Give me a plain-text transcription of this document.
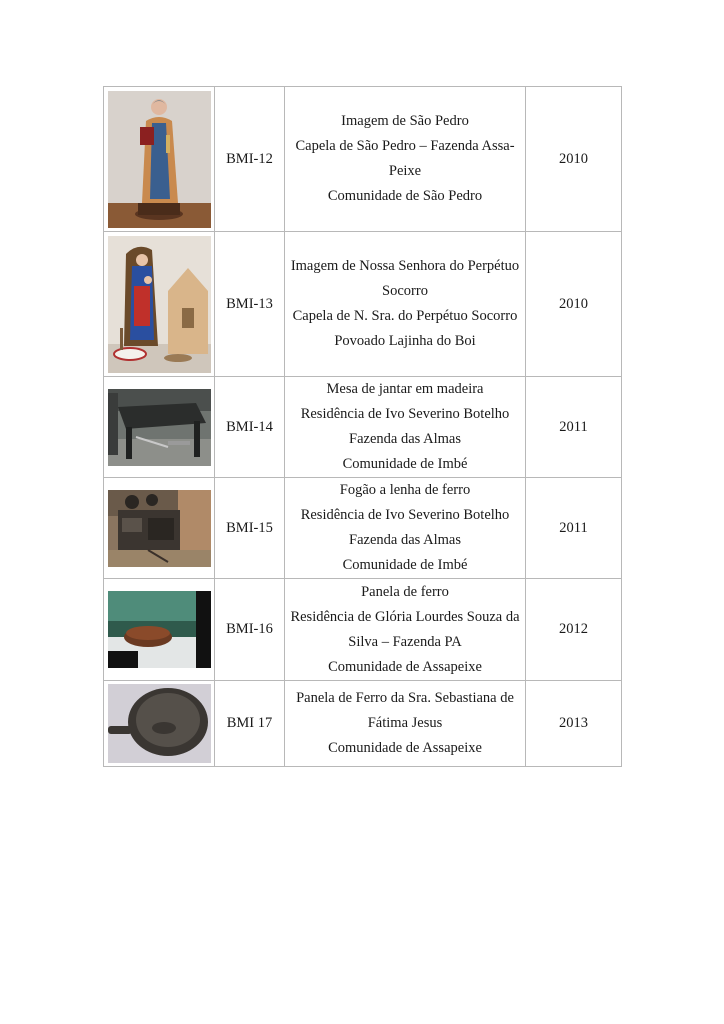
	BMI-12	Imagem de São Pedro
Capela de São Pedro – Fazenda Assa-
Peixe
Comunidade de São Pedro	2010

	BMI-13	Imagem de Nossa Senhora do Perpétuo
Socorro
Capela de N. Sra. do Perpétuo Socorro
Povoado Lajinha do Boi	2010

	BMI-14	Mesa de jantar em madeira
Residência de Ivo Severino Botelho
Fazenda das Almas
Comunidade de Imbé	2011

	BMI-15	Fogão a lenha de ferro
Residência de Ivo Severino Botelho
Fazenda das Almas
Comunidade de Imbé	2011

	BMI-16	Panela de ferro
Residência de Glória Lourdes Souza da
Silva – Fazenda PA
Comunidade de Assapeixe	2012

	BMI 17	Panela de Ferro da Sra. Sebastiana de
Fátima Jesus
Comunidade de Assapeixe	2013
